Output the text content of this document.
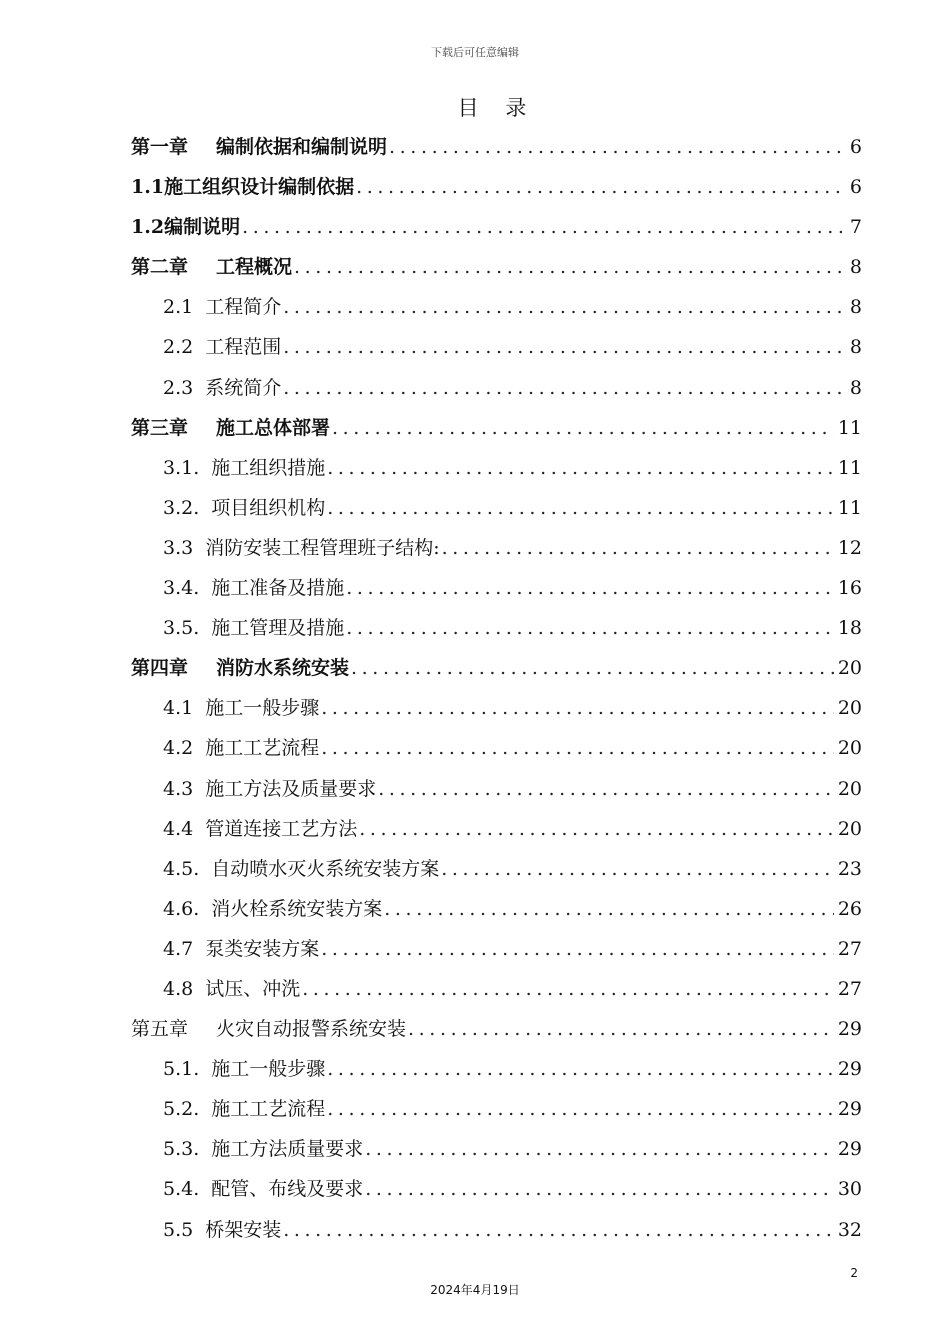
下载后可任意编辑
目 录
第一章 编制依据和编制说明 .....	6
1.1 施工组织设计编制依据 .....	6
1.2 编制说明 .....	7
第二章 工程概况 .....	8
2.1 工程简介 .....	8
2.2 工程范围 .....	8
2.3 系统简介 .....	8
第三章 施工总体部署 .....	11
3.1. 施工组织措施 .....	11
3.2. 项目组织机构 .....	11
3.3 消防安装工程管理班子结构: .....	12
3.4. 施工准备及措施 .....	16
3.5. 施工管理及措施 .....	18
第四章 消防水系统安装 .....	20
4.1 施工一般步骤 .....	20
4.2 施工工艺流程 .....	20
4.3 施工方法及质量要求 .....	20
4.4 管道连接工艺方法 .....	20
4.5. 自动喷水灭火系统安装方案 .....	23
4.6. 消火栓系统安装方案 .....	26
4.7 泵类安装方案 .....	27
4.8 试压、冲洗 .....	27
第五章 火灾自动报警系统安装 .....	29
5.1. 施工一般步骤 .....	29
5.2. 施工工艺流程 .....	29
5.3. 施工方法质量要求 .....	29
5.4. 配管、布线及要求 .....	30
5.5 桥架安装 .....	32
2
2024年4月19日
